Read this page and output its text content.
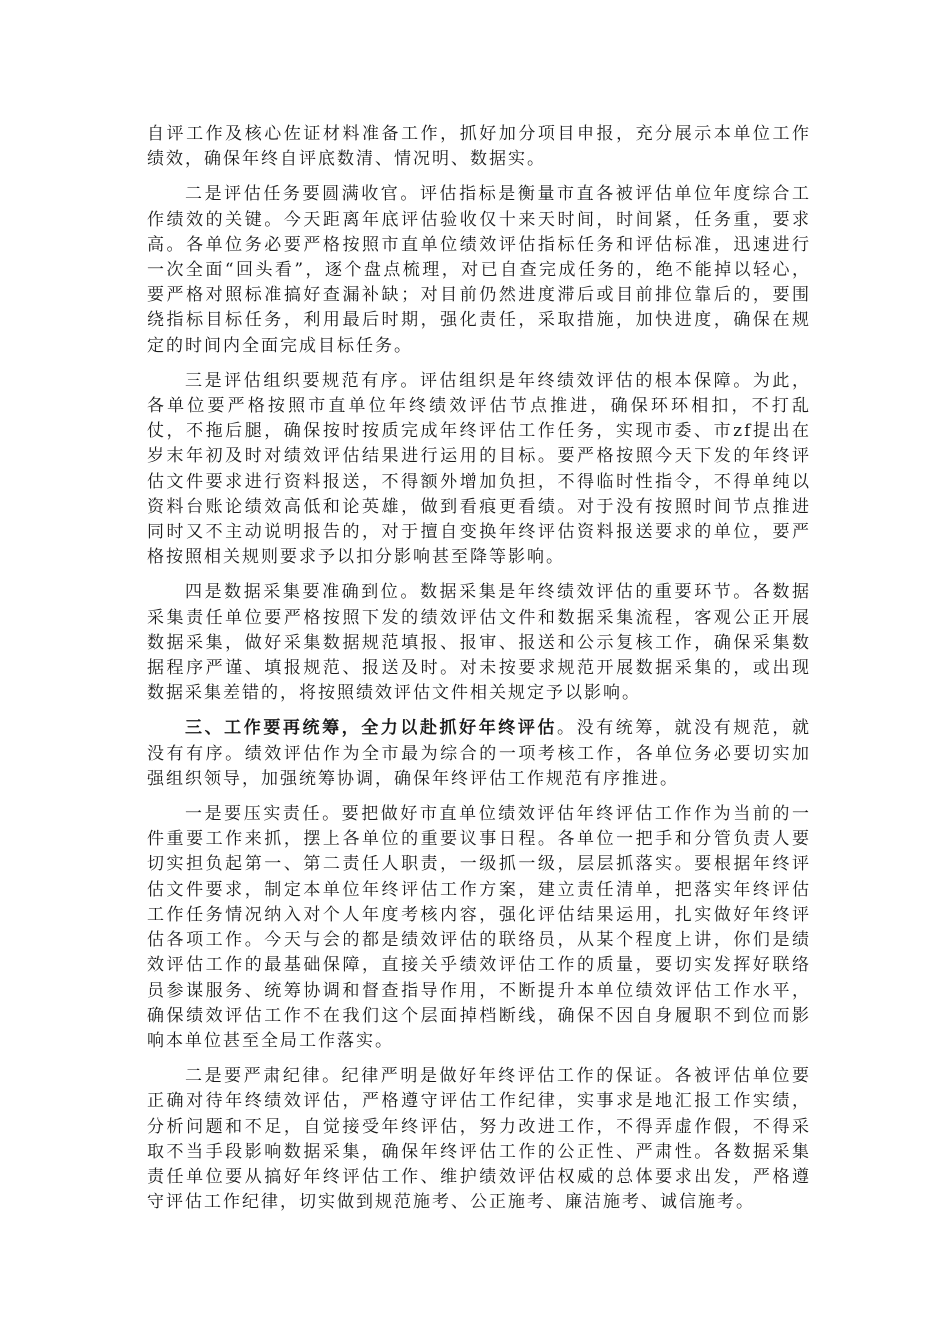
自评工作及核心佐证材料准备工作，抓好加分项目申报，充分展示本单位工作绩效，确保年终自评底数清、情况明、数据实。

二是评估任务要圆满收官。评估指标是衡量市直各被评估单位年度综合工作绩效的关键。今天距离年底评估验收仅十来天时间，时间紧，任务重，要求高。各单位务必要严格按照市直单位绩效评估指标任务和评估标准，迅速进行一次全面“回头看”，逐个盘点梳理，对已自查完成任务的，绝不能掉以轻心，要严格对照标准搞好查漏补缺；对目前仍然进度滞后或目前排位靠后的，要围绕指标目标任务，利用最后时期，强化责任，采取措施，加快进度，确保在规定的时间内全面完成目标任务。

三是评估组织要规范有序。评估组织是年终绩效评估的根本保障。为此，各单位要严格按照市直单位年终绩效评估节点推进，确保环环相扣，不打乱仗，不拖后腿，确保按时按质完成年终评估工作任务，实现市委、市zf提出在岁末年初及时对绩效评估结果进行运用的目标。要严格按照今天下发的年终评估文件要求进行资料报送，不得额外增加负担，不得临时性指令，不得单纯以资料台账论绩效高低和论英雄，做到看痕更看绩。对于没有按照时间节点推进同时又不主动说明报告的，对于擅自变换年终评估资料报送要求的单位，要严格按照相关规则要求予以扣分影响甚至降等影响。

四是数据采集要准确到位。数据采集是年终绩效评估的重要环节。各数据采集责任单位要严格按照下发的绩效评估文件和数据采集流程，客观公正开展数据采集，做好采集数据规范填报、报审、报送和公示复核工作，确保采集数据程序严谨、填报规范、报送及时。对未按要求规范开展数据采集的，或出现数据采集差错的，将按照绩效评估文件相关规定予以影响。

三、工作要再统筹，全力以赴抓好年终评估。没有统筹，就没有规范，就没有有序。绩效评估作为全市最为综合的一项考核工作，各单位务必要切实加强组织领导，加强统筹协调，确保年终评估工作规范有序推进。

一是要压实责任。要把做好市直单位绩效评估年终评估工作作为当前的一件重要工作来抓，摆上各单位的重要议事日程。各单位一把手和分管负责人要切实担负起第一、第二责任人职责，一级抓一级，层层抓落实。要根据年终评估文件要求，制定本单位年终评估工作方案，建立责任清单，把落实年终评估工作任务情况纳入对个人年度考核内容，强化评估结果运用，扎实做好年终评估各项工作。今天与会的都是绩效评估的联络员，从某个程度上讲，你们是绩效评估工作的最基础保障，直接关乎绩效评估工作的质量，要切实发挥好联络员参谋服务、统筹协调和督查指导作用，不断提升本单位绩效评估工作水平，确保绩效评估工作不在我们这个层面掉档断线，确保不因自身履职不到位而影响本单位甚至全局工作落实。

二是要严肃纪律。纪律严明是做好年终评估工作的保证。各被评估单位要正确对待年终绩效评估，严格遵守评估工作纪律，实事求是地汇报工作实绩，分析问题和不足，自觉接受年终评估，努力改进工作，不得弄虚作假，不得采取不当手段影响数据采集，确保年终评估工作的公正性、严肃性。各数据采集责任单位要从搞好年终评估工作、维护绩效评估权威的总体要求出发，严格遵守评估工作纪律，切实做到规范施考、公正施考、廉洁施考、诚信施考。
